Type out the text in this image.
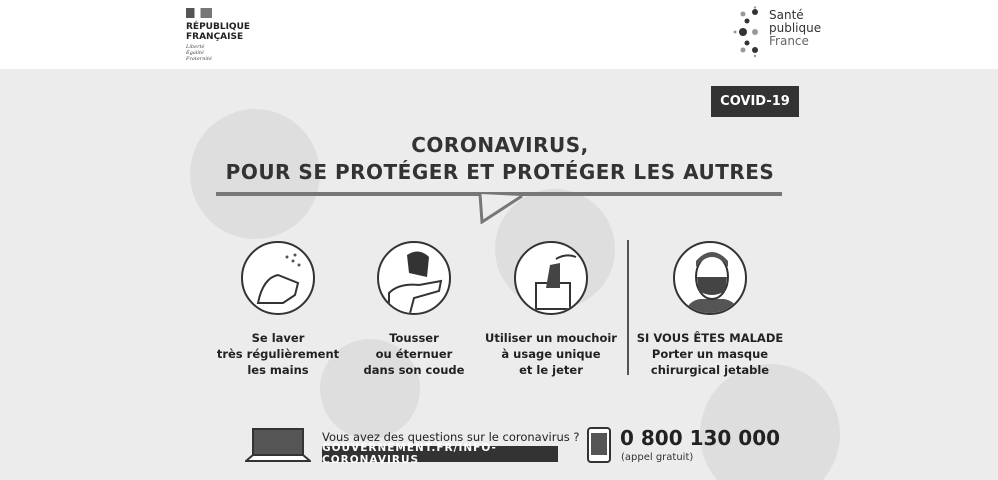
RÉPUBLIQUE
FRANÇAISE
Liberté
Égalité
Fraternité
Santé
publique
France
COVID-19
CORONAVIRUS,
POUR SE PROTÉGER ET PROTÉGER LES AUTRES
Se laver
très régulièrement
les mains
Tousser
ou éternuer
dans son coude
Utiliser un mouchoir
à usage unique
et le jeter
SI VOUS ÊTES MALADE
Porter un masque
chirurgical jetable
Vous avez des questions sur le coronavirus ?
GOUVERNEMENT.FR/INFO-CORONAVIRUS
0 800 130 000
(appel gratuit)
